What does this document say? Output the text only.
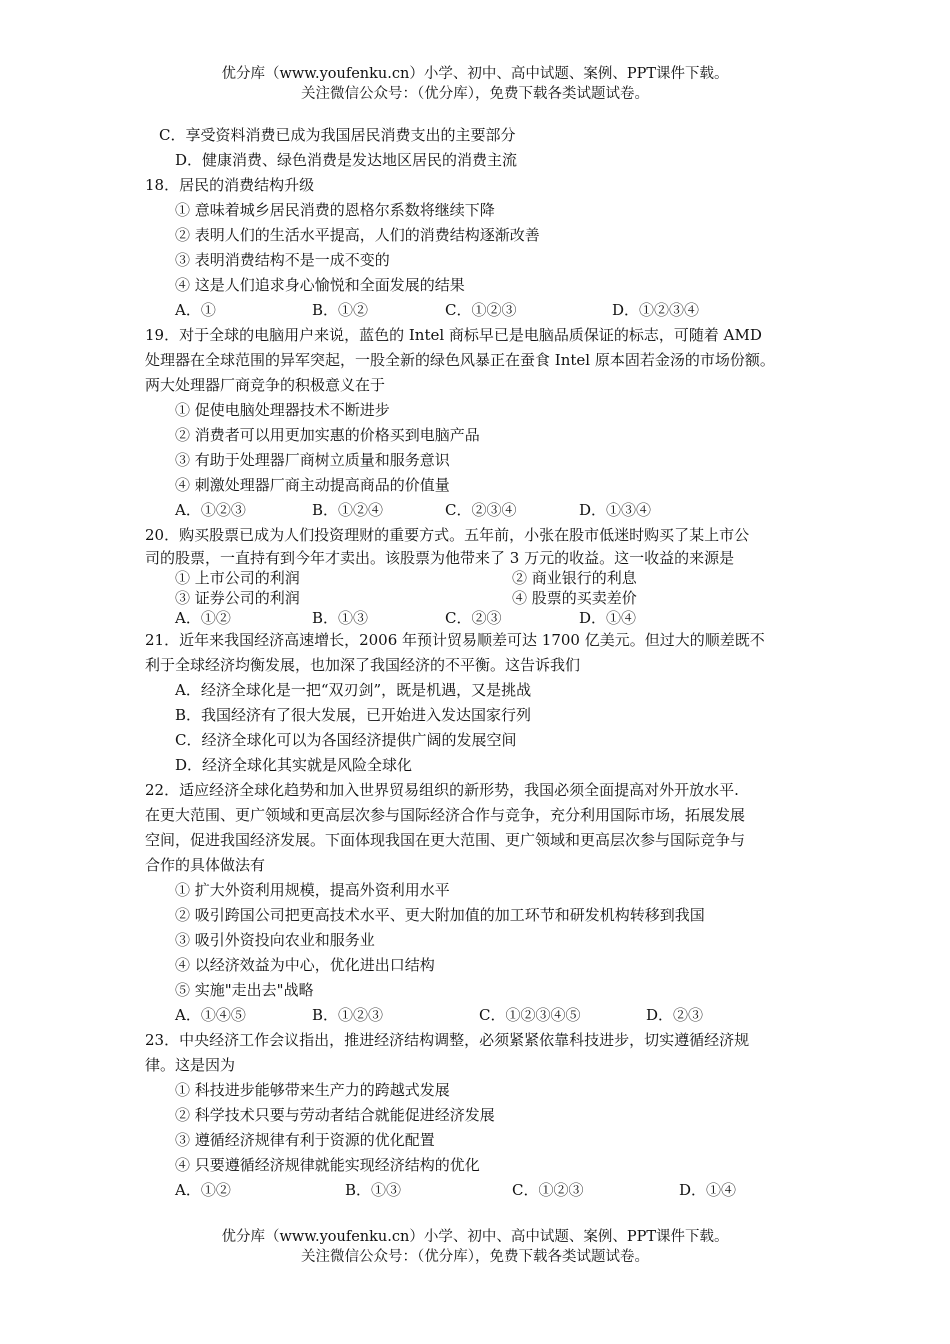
优分库（www.youfenku.cn）小学、初中、高中试题、案例、PPT课件下载。
关注微信公众号：（优分库），免费下载各类试题试卷。
C．享受资料消费已成为我国居民消费支出的主要部分
D．健康消费、绿色消费是发达地区居民的消费主流
18．居民的消费结构升级
① 意味着城乡居民消费的恩格尔系数将继续下降
② 表明人们的生活水平提高，人们的消费结构逐渐改善
③ 表明消费结构不是一成不变的
④ 这是人们追求身心愉悦和全面发展的结果
A．①	B．①②	C．①②③	D．①②③④
19．对于全球的电脑用户来说，蓝色的 Intel 商标早已是电脑品质保证的标志，可随着 AMD
处理器在全球范围的异军突起，一股全新的绿色风暴正在蚕食 Intel 原本固若金汤的市场份额。
两大处理器厂商竞争的积极意义在于
① 促使电脑处理器技术不断进步
② 消费者可以用更加实惠的价格买到电脑产品
③ 有助于处理器厂商树立质量和服务意识
④ 刺激处理器厂商主动提高商品的价值量
A．①②③	B．①②④	C．②③④	D．①③④
20．购买股票已成为人们投资理财的重要方式。五年前，小张在股市低迷时购买了某上市公
司的股票，一直持有到今年才卖出。该股票为他带来了 3 万元的收益。这一收益的来源是
① 上市公司的利润	② 商业银行的利息
③ 证券公司的利润	④ 股票的买卖差价
A．①②	B．①③	C．②③	D．①④
21．近年来我国经济高速增长，2006 年预计贸易顺差可达 1700 亿美元。但过大的顺差既不
利于全球经济均衡发展，也加深了我国经济的不平衡。这告诉我们
A．经济全球化是一把“双刃剑”，既是机遇，又是挑战
B．我国经济有了很大发展，已开始进入发达国家行列
C．经济全球化可以为各国经济提供广阔的发展空间
D．经济全球化其实就是风险全球化
22．适应经济全球化趋势和加入世界贸易组织的新形势，我国必须全面提高对外开放水平.
在更大范围、更广领域和更高层次参与国际经济合作与竞争，充分利用国际市场，拓展发展
空间，促进我国经济发展。下面体现我国在更大范围、更广领域和更高层次参与国际竞争与
合作的具体做法有
① 扩大外资利用规模，提高外资利用水平
② 吸引跨国公司把更高技术水平、更大附加值的加工环节和研发机构转移到我国
③ 吸引外资投向农业和服务业
④ 以经济效益为中心，优化进出口结构
⑤ 实施"走出去"战略
A．①④⑤	B．①②③	C．①②③④⑤	D．②③
23．中央经济工作会议指出，推进经济结构调整，必须紧紧依靠科技进步，切实遵循经济规
律。这是因为
① 科技进步能够带来生产力的跨越式发展
② 科学技术只要与劳动者结合就能促进经济发展
③ 遵循经济规律有利于资源的优化配置
④ 只要遵循经济规律就能实现经济结构的优化
A．①②	B．①③	C．①②③	D．①④
优分库（www.youfenku.cn）小学、初中、高中试题、案例、PPT课件下载。
关注微信公众号：（优分库），免费下载各类试题试卷。
